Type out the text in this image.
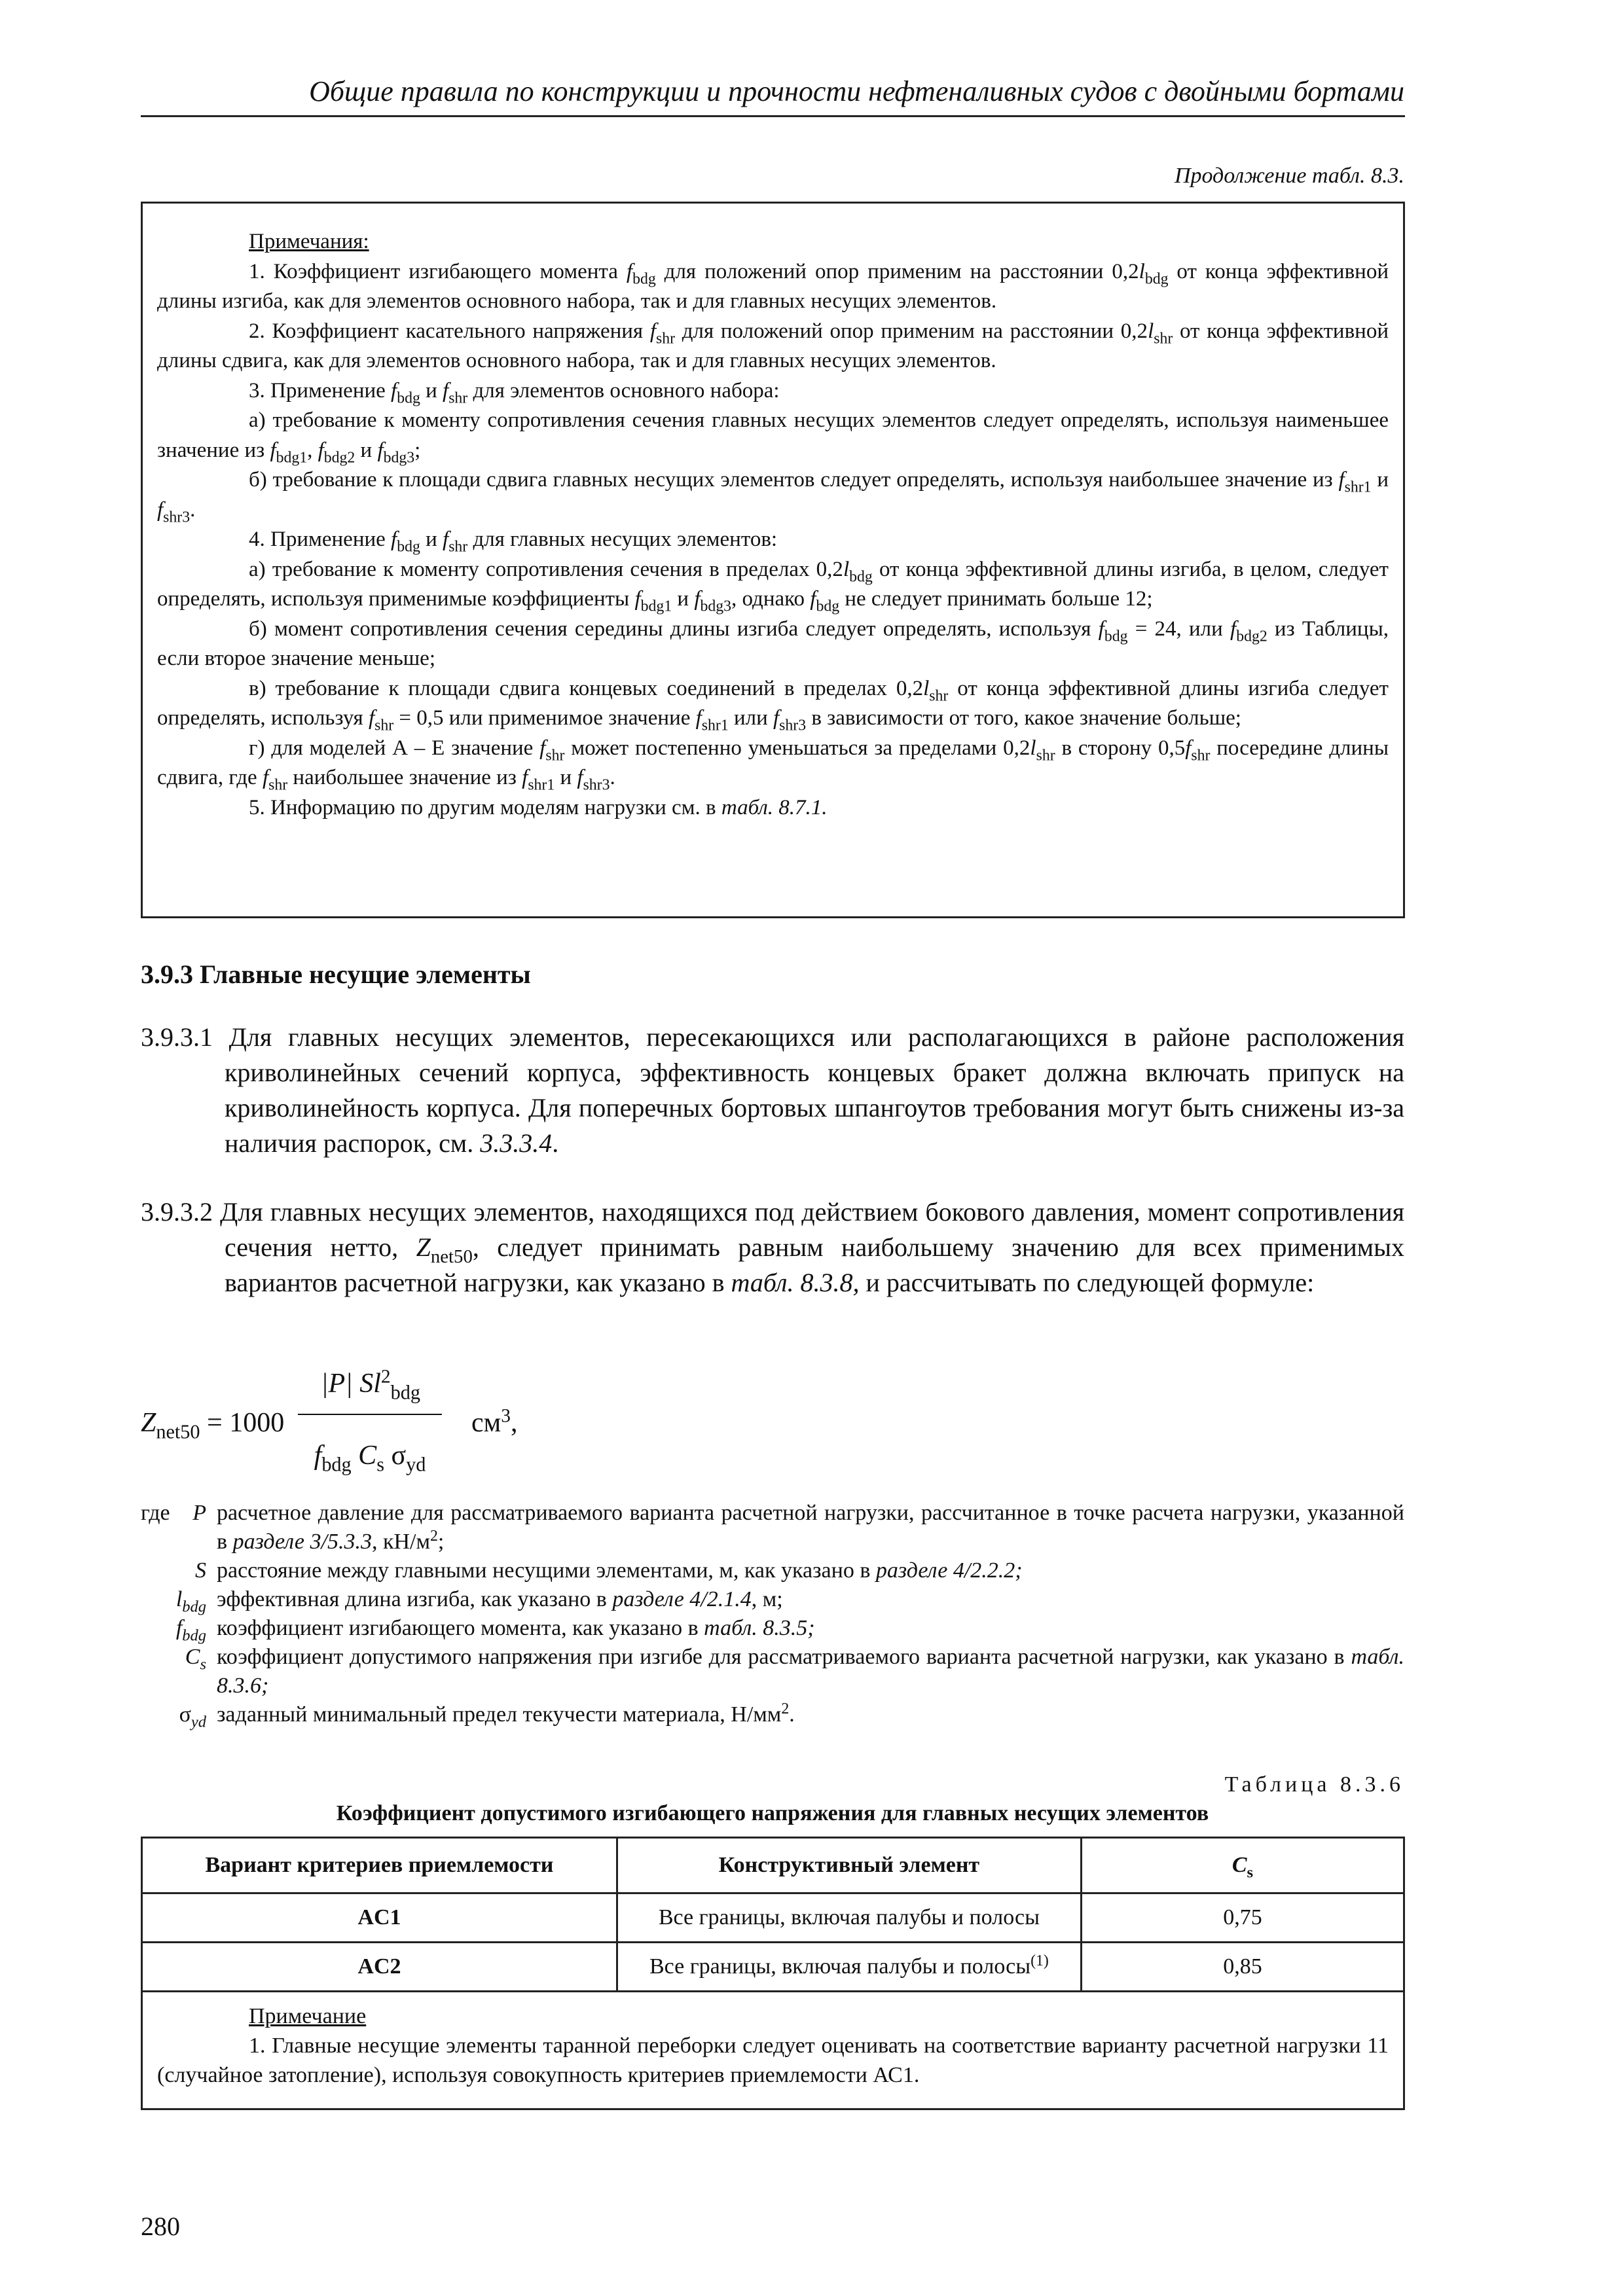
Общие правила по конструкции и прочности нефтеналивных судов с двойными бортами
Продолжение табл. 8.3.

Примечания:

1. Коэффициент изгибающего момента $f_{bdg}$ для положений опор применим на расстоянии $0,2l_{bdg}$ от конца эффективной длины изгиба, как для элементов основного набора, так и для главных несущих элементов.

2. Коэффициент касательного напряжения $f_{shr}$ для положений опор применим на расстоянии $0,2l_{shr}$ от конца эффективной длины сдвига, как для элементов основного набора, так и для главных несущих элементов.

3. Применение $f_{bdg}$ и $f_{shr}$ для элементов основного набора:

а) требование к моменту сопротивления сечения главных несущих элементов следует определять, используя наименьшее значение из $f_{bdg1}$, $f_{bdg2}$ и $f_{bdg3}$;

б) требование к площади сдвига главных несущих элементов следует определять, используя наибольшее значение из $f_{shr1}$ и $f_{shr3}$.

4. Применение $f_{bdg}$ и $f_{shr}$ для главных несущих элементов:

а) требование к моменту сопротивления сечения в пределах $0,2l_{bdg}$ от конца эффективной длины изгиба, в целом, следует определять, используя применимые коэффициенты $f_{bdg1}$ и $f_{bdg3}$, однако $f_{bdg}$ не следует принимать больше 12;

б) момент сопротивления сечения середины длины изгиба следует определять, используя $f_{bdg} = 24$, или $f_{bdg2}$ из Таблицы, если второе значение меньше;

в) требование к площади сдвига концевых соединений в пределах $0,2l_{shr}$ от конца эффективной длины изгиба следует определять, используя $f_{shr} = 0,5$ или применимое значение $f_{shr1}$ или $f_{shr3}$ в зависимости от того, какое значение больше;

г) для моделей А – Е значение $f_{shr}$ может постепенно уменьшаться за пределами $0,2l_{shr}$ в сторону $0,5f_{shr}$ посередине длины сдвига, где $f_{shr}$ наибольшее значение из $f_{shr1}$ и $f_{shr3}$.

5. Информацию по другим моделям нагрузки см. в табл. 8.7.1.

3.9.3 Главные несущие элементы

3.9.3.1 Для главных несущих элементов, пересекающихся или располагающихся в районе расположения криволинейных сечений корпуса, эффективность концевых бракет должна включать припуск на криволинейность корпуса. Для поперечных бортовых шпангоутов требования могут быть снижены из-за наличия распорок, см. 3.3.3.4.

3.9.3.2 Для главных несущих элементов, находящихся под действием бокового давления, момент сопротивления сечения нетто, $Z_{net50}$, следует принимать равным наибольшему значению для всех применимых вариантов расчетной нагрузки, как указано в табл. 8.3.8, и рассчитывать по следующей формуле:

$Z_{net50} = 1000$
|P| $Sl^2_{bdg}$
$f_{bdg}$ $C_s$ $\sigma_{yd}$
$см^3$,
где	P расчетное давление для рассматриваемого варианта расчетной нагрузки, рассчитанное в точке расчета нагрузки, указанной в разделе 3/5.3.3, $кН/м^2$;
S расстояние между главными несущими элементами, м, как указано в разделе 4/2.2.2;
$l_{bdg}$ эффективная длина изгиба, как указано в разделе 4/2.1.4, м;
$f_{bdg}$ коэффициент изгибающего момента, как указано в табл. 8.3.5;
$C_s$ коэффициент допустимого напряжения при изгибе для рассматриваемого варианта расчетной нагрузки, как указано в табл. 8.3.6;
$\sigma_{yd}$ заданный минимальный предел текучести материала, $Н/мм^2$.
Таблица 8.3.6
Коэффициент допустимого изгибающего напряжения для главных несущих элементов
Вариант критериев приемлемости	Конструктивный элемент	$C_s$
AC1	Все границы, включая палубы и полосы	0,75
AC2	Все границы, включая палубы и полосы$^{(1)}$	0,85

Примечание
1. Главные несущие элементы таранной переборки следует оценивать на соответствие варианту расчетной нагрузки 11 (случайное затопление), используя совокупность критериев приемлемости АС1.		
280
